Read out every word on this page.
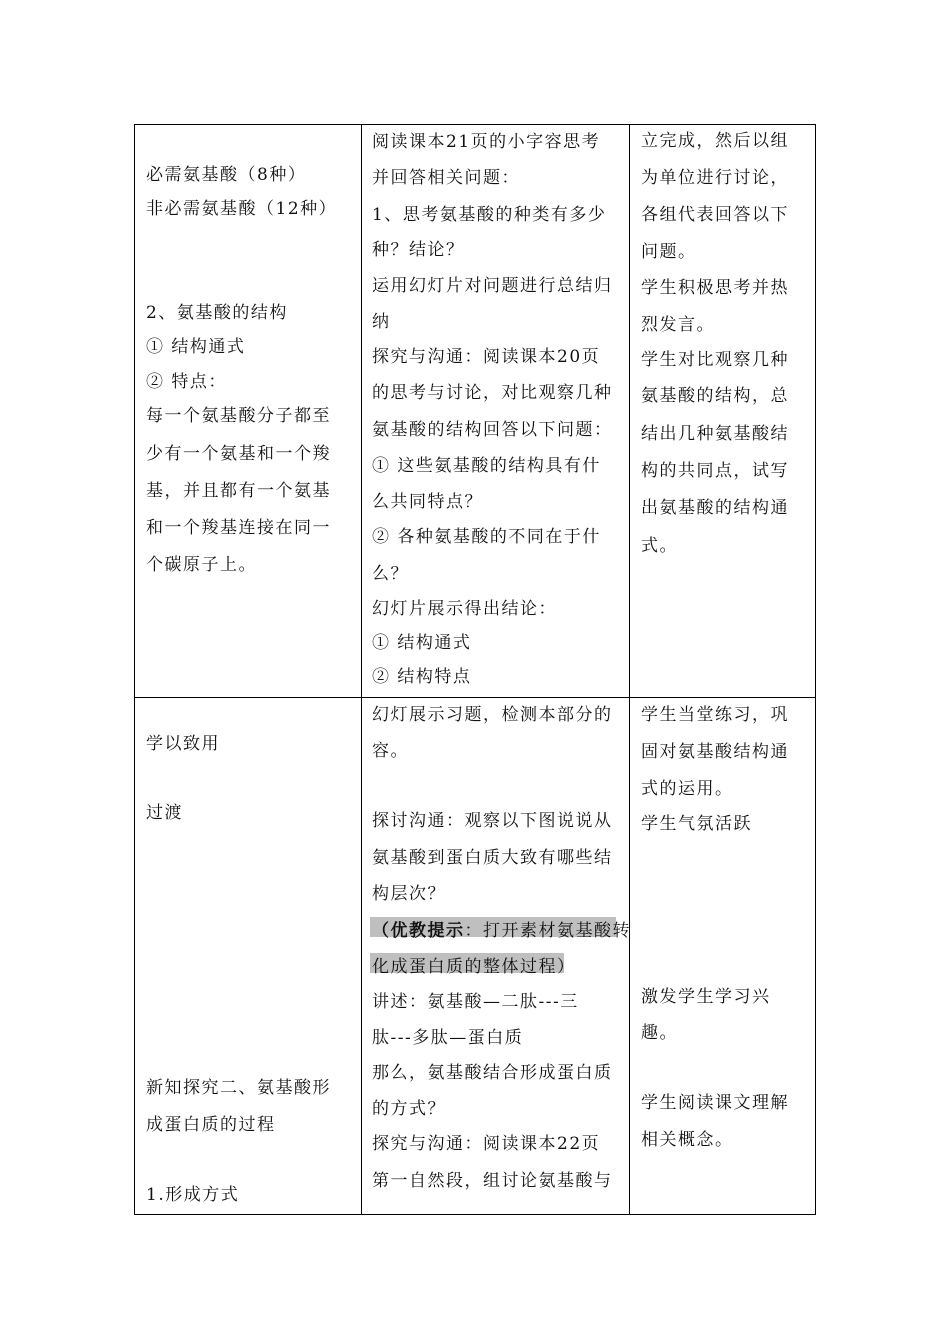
必需氨基酸（8种）
非必需氨基酸（12种）
2、氨基酸的结构
① 结构通式
② 特点：
每一个氨基酸分子都至
少有一个氨基和一个羧
基，并且都有一个氨基
和一个羧基连接在同一
个碳原子上。
阅读课本21页的小字容思考
并回答相关问题：
1、思考氨基酸的种类有多少
种？结论？
运用幻灯片对问题进行总结归
纳
探究与沟通：阅读课本20页
的思考与讨论，对比观察几种
氨基酸的结构回答以下问题：
① 这些氨基酸的结构具有什
么共同特点？
② 各种氨基酸的不同在于什
么？
幻灯片展示得出结论：
① 结构通式
② 结构特点
立完成，然后以组
为单位进行讨论，
各组代表回答以下
问题。
学生积极思考并热
烈发言。
学生对比观察几种
氨基酸的结构，总
结出几种氨基酸结
构的共同点，试写
出氨基酸的结构通
式。
学以致用
过渡
新知探究二、氨基酸形
成蛋白质的过程
1.形成方式
幻灯展示习题，检测本部分的
容。
探讨沟通：观察以下图说说从
氨基酸到蛋白质大致有哪些结
构层次？
（优教提示：打开素材氨基酸转
化成蛋白质的整体过程）
讲述：氨基酸—二肽---三
肽---多肽—蛋白质
那么，氨基酸结合形成蛋白质
的方式？
探究与沟通：阅读课本22页
第一自然段，组讨论氨基酸与
学生当堂练习，巩
固对氨基酸结构通
式的运用。
学生气氛活跃
激发学生学习兴
趣。
学生阅读课文理解
相关概念。
